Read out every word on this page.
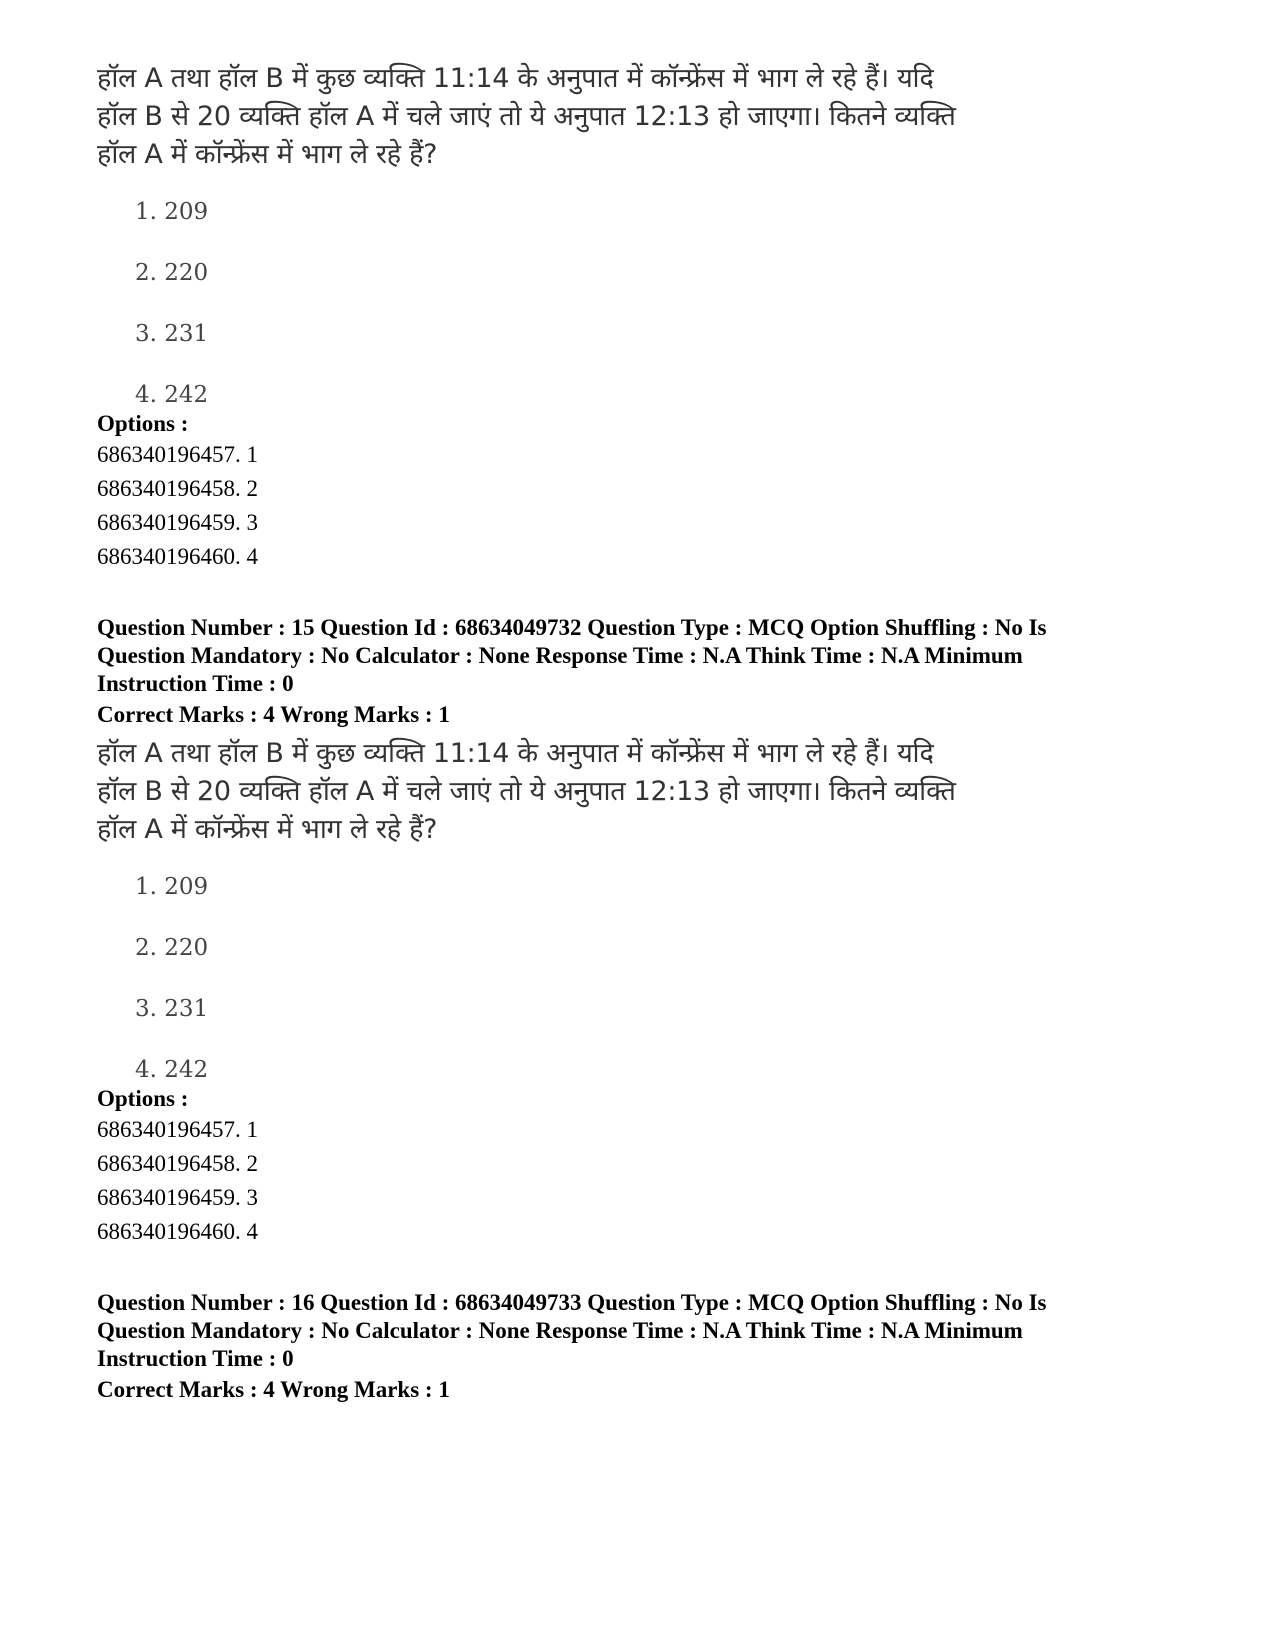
हॉल A तथा हॉल B में कुछ व्यक्ति 11:14 के अनुपात में कॉन्फ्रेंस में भाग ले रहे हैं। यदि
हॉल B से 20 व्यक्ति हॉल A में चले जाएं तो ये अनुपात 12:13 हो जाएगा। कितने व्यक्ति
हॉल A में कॉन्फ्रेंस में भाग ले रहे हैं?
1. 209
2. 220
3. 231
4. 242
Options :
686340196457. 1
686340196458. 2
686340196459. 3
686340196460. 4
Question Number : 15 Question Id : 68634049732 Question Type : MCQ Option Shuffling : No Is
Question Mandatory : No Calculator : None Response Time : N.A Think Time : N.A Minimum
Instruction Time : 0
Correct Marks : 4 Wrong Marks : 1
हॉल A तथा हॉल B में कुछ व्यक्ति 11:14 के अनुपात में कॉन्फ्रेंस में भाग ले रहे हैं। यदि
हॉल B से 20 व्यक्ति हॉल A में चले जाएं तो ये अनुपात 12:13 हो जाएगा। कितने व्यक्ति
हॉल A में कॉन्फ्रेंस में भाग ले रहे हैं?
1. 209
2. 220
3. 231
4. 242
Options :
686340196457. 1
686340196458. 2
686340196459. 3
686340196460. 4
Question Number : 16 Question Id : 68634049733 Question Type : MCQ Option Shuffling : No Is
Question Mandatory : No Calculator : None Response Time : N.A Think Time : N.A Minimum
Instruction Time : 0
Correct Marks : 4 Wrong Marks : 1
